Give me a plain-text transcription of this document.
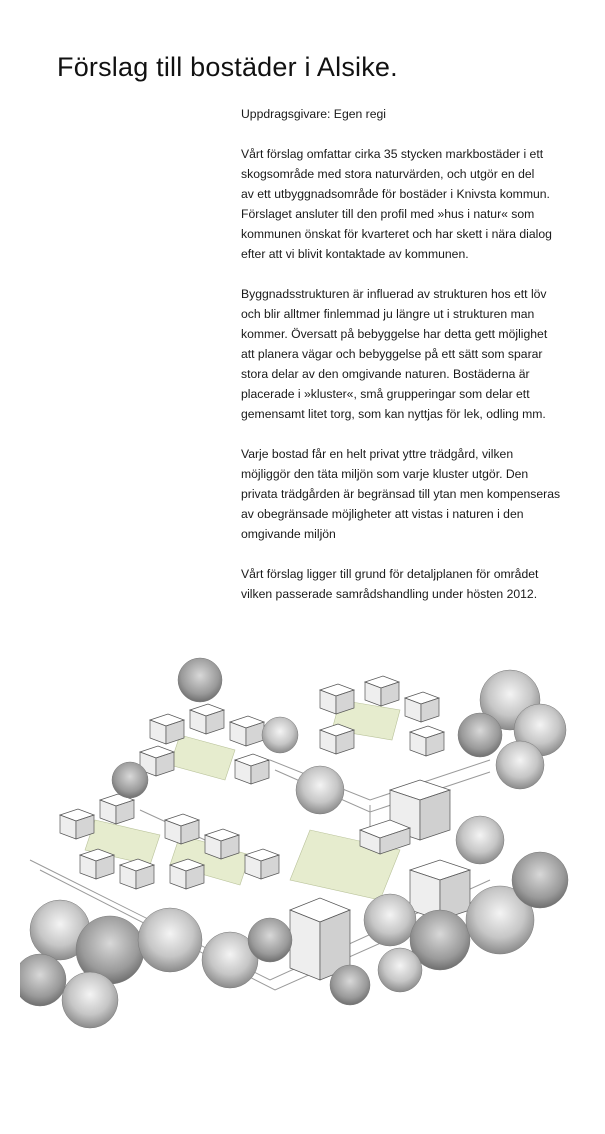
Förslag till bostäder i Alsike.

Uppdragsgivare: Egen regi

Vårt förslag omfattar cirka 35 stycken markbostäder i ett
skogsområde med stora naturvärden, och utgör en del
av ett utbyggnadsområde för bostäder i Knivsta kommun.
Förslaget ansluter till den profil med »hus i natur« som
kommunen önskat för kvarteret och har skett i nära dialog
efter att vi blivit kontaktade av kommunen.

Byggnadsstrukturen är influerad av strukturen hos ett löv
och blir alltmer finlemmad ju längre ut i strukturen man
kommer. Översatt på bebyggelse har detta gett möjlighet
att planera vägar och bebyggelse på ett sätt som sparar
stora delar av den omgivande naturen. Bostäderna är
placerade i »kluster«, små grupperingar som delar ett
gemensamt litet torg, som kan nyttjas för lek, odling mm.

Varje bostad får en helt privat yttre trädgård, vilken
möjliggör den täta miljön som varje kluster utgör. Den
privata trädgården är begränsad till ytan men kompenseras
av obegränsade möjligheter att vistas i naturen i den
omgivande miljön

Vårt förslag ligger till grund för detaljplanen för området
vilken passerade samrådshandling under hösten 2012.
